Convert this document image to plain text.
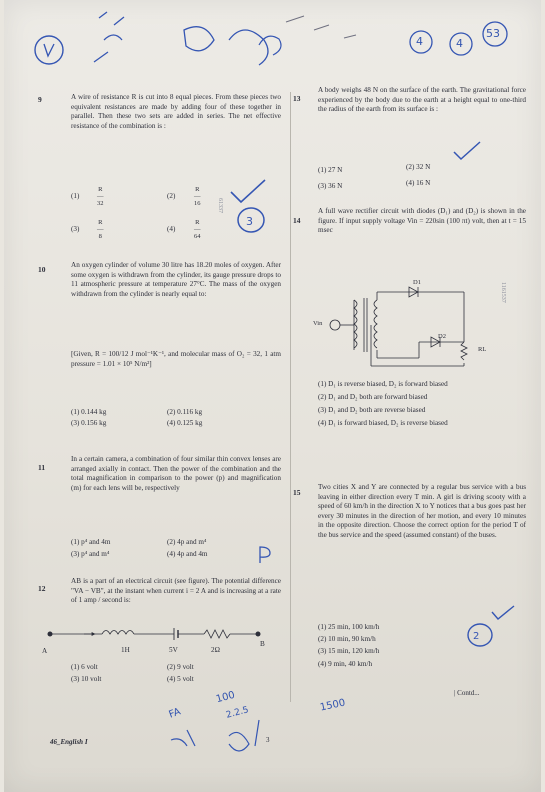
4	4
53
9	A wire of resistance R is cut into 8 equal pieces. From these pieces two equivalent resistances are made by adding four of these together in parallel. Then these two sets are added in series. The net effective resistance of the combination is :
(1)
R
—
32
(2)
R
—
16
(3)
R
—
8
(4)
R
—
64
3
61337
10	An oxygen cylinder of volume 30 litre has 18.20 moles of oxygen. After some oxygen is withdrawn from the cylinder, its gauge pressure drops to 11 atmospheric pressure at temperature 27°C. The mass of the oxygen withdrawn from the cylinder is nearly equal to:
[Given, R = 100/12 J mol⁻¹K⁻¹, and molecular mass of O₂ = 32, 1 atm pressure = 1.01 × 10⁵ N/m²]
(1) 0.144 kg	(2) 0.116 kg
(3) 0.156 kg	(4) 0.125 kg
11
In a certain camera, a combination of four similar thin convex lenses are arranged axially in contact. Then the power of the combination and the total magnification in comparison to the power (p) and magnification (m) for each lens will be, respectively
(1) p⁴ and 4m	(2) 4p and m⁴
(3) p⁴ and m⁴	(4) 4p and 4m
12
AB is a part of an electrical circuit (see figure). The potential difference "VA − VB", at the instant when current i = 2 A and is increasing at a rate of 1 amp / second is:
A
B
1H	5V	2Ω
(1) 6 volt	(2) 9 volt
(3) 10 volt	(4) 5 volt
13
A body weighs 48 N on the surface of the earth. The gravitational force experienced by the body due to the earth at a height equal to one-third the radius of the earth from its surface is :
(1) 27 N	(2) 32 N
(3) 36 N	(4) 16 N
14
A full wave rectifier circuit with diodes (D₁) and (D₂) is shown in the figure. If input supply voltage Vin = 220sin (100 πt) volt, then at t = 15 msec
Vin
D1
D2
RL
(1) D₁ is reverse biased, D₂ is forward biased
(2) D₁ and D₂ both are forward biased
(3) D₁ and D₂ both are reverse biased
(4) D₁ is forward biased, D₂ is reverse biased
1161537
15
Two cities X and Y are connected by a regular bus service with a bus leaving in either direction every T min. A girl is driving scooty with a speed of 60 km/h in the direction X to Y notices that a bus goes past her every 30 minutes in the direction of her motion, and every 10 minutes in the opposite direction. Choose the correct option for the period T of the bus service and the speed (assumed constant) of the buses.
(1) 25 min, 100 km/h
(2) 10 min, 90 km/h
(3) 15 min, 120 km/h
(4) 9 min, 40 km/h
2
FA
100
2.2.5	1500
46_English I
| Contd...
3
